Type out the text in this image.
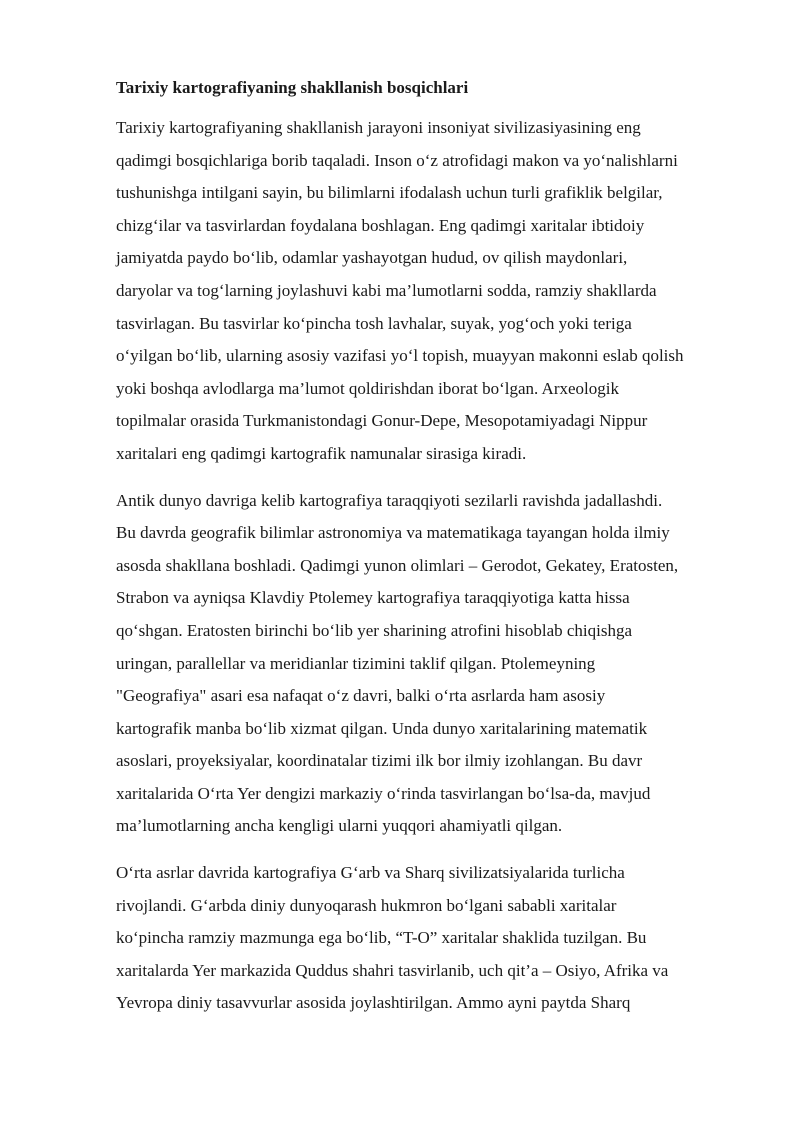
Tarixiy kartografiyaning shakllanish bosqichlari
Tarixiy kartografiyaning shakllanish jarayoni insoniyat sivilizasiyasining eng
qadimgi bosqichlariga borib taqaladi. Inson o‘z atrofidagi makon va yo‘nalishlarni
tushunishga intilgani sayin, bu bilimlarni ifodalash uchun turli grafiklik belgilar,
chizg‘ilar va tasvirlardan foydalana boshlagan. Eng qadimgi xaritalar ibtidoiy
jamiyatda paydo bo‘lib, odamlar yashayotgan hudud, ov qilish maydonlari,
daryolar va tog‘larning joylashuvi kabi ma’lumotlarni sodda, ramziy shakllarda
tasvirlagan. Bu tasvirlar ko‘pincha tosh lavhalar, suyak, yog‘och yoki teriga
o‘yilgan bo‘lib, ularning asosiy vazifasi yo‘l topish, muayyan makonni eslab qolish
yoki boshqa avlodlarga ma’lumot qoldirishdan iborat bo‘lgan. Arxeologik
topilmalar orasida Turkmanistondagi Gonur-Depe, Mesopotamiyadagi Nippur
xaritalari eng qadimgi kartografik namunalar sirasiga kiradi.
Antik dunyo davriga kelib kartografiya taraqqiyoti sezilarli ravishda jadallashdi.
Bu davrda geografik bilimlar astronomiya va matematikaga tayangan holda ilmiy
asosda shakllana boshladi. Qadimgi yunon olimlari – Gerodot, Gekatey, Eratosten,
Strabon va ayniqsa Klavdiy Ptolemey kartografiya taraqqiyotiga katta hissa
qo‘shgan. Eratosten birinchi bo‘lib yer sharining atrofini hisoblab chiqishga
uringan, parallellar va meridianlar tizimini taklif qilgan. Ptolemeyning
"Geografiya" asari esa nafaqat o‘z davri, balki o‘rta asrlarda ham asosiy
kartografik manba bo‘lib xizmat qilgan. Unda dunyo xaritalarining matematik
asoslari, proyeksiyalar, koordinatalar tizimi ilk bor ilmiy izohlangan. Bu davr
xaritalarida O‘rta Yer dengizi markaziy o‘rinda tasvirlangan bo‘lsa-da, mavjud
ma’lumotlarning ancha kengligi ularni yuqqori ahamiyatli qilgan.
O‘rta asrlar davrida kartografiya G‘arb va Sharq sivilizatsiyalarida turlicha
rivojlandi. G‘arbda diniy dunyoqarash hukmron bo‘lgani sababli xaritalar
ko‘pincha ramziy mazmunga ega bo‘lib, “T-O” xaritalar shaklida tuzilgan. Bu
xaritalarda Yer markazida Quddus shahri tasvirlanib, uch qit’a – Osiyo, Afrika va
Yevropa diniy tasavvurlar asosida joylashtirilgan. Ammo ayni paytda Sharq
